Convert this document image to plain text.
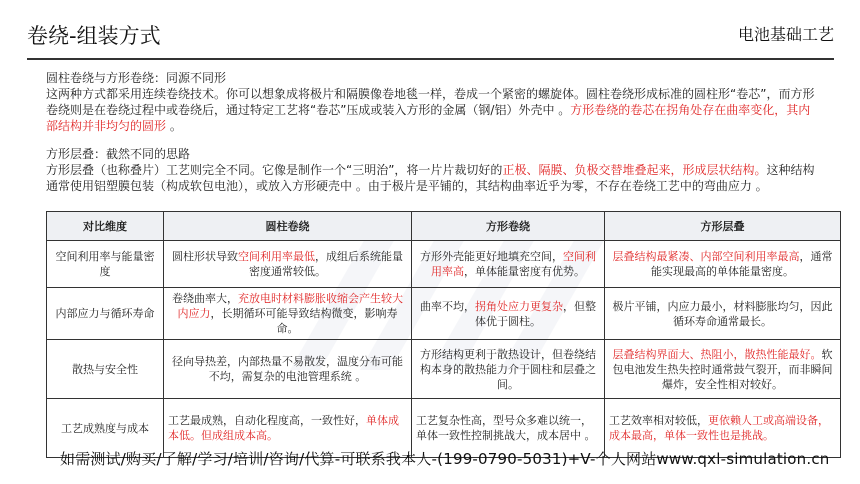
卷绕-组装方式	电池基础工艺

圆柱卷绕与方形卷绕：同源不同形

这两种方式都采用连续卷绕技术。你可以想象成将极片和隔膜像卷地毯一样，卷成一个紧密的螺旋体。圆柱卷绕形成标准的圆柱形“卷芯”，而方形卷绕则是在卷绕过程中或卷绕后，通过特定工艺将“卷芯”压成或装入方形的金属（钢/铝）外壳中 。方形卷绕的卷芯在拐角处存在曲率变化，其内部结构并非均匀的圆形 。

方形层叠：截然不同的思路

方形层叠（也称叠片）工艺则完全不同。它像是制作一个“三明治”，将一片片裁切好的正极、隔膜、负极交替堆叠起来，形成层状结构。这种结构通常使用铝塑膜包装（构成软包电池），或放入方形硬壳中 。由于极片是平铺的，其结构曲率近乎为零，不存在卷绕工艺中的弯曲应力 。

对比维度	圆柱卷绕	方形卷绕	方形层叠
空间利用率与能量密度	圆柱形状导致空间利用率最低，成组后系统能量密度通常较低。	方形外壳能更好地填充空间，空间利用率高，单体能量密度有优势。	层叠结构最紧凑、内部空间利用率最高，通常能实现最高的单体能量密度。
内部应力与循环寿命	卷绕曲率大，充放电时材料膨胀收缩会产生较大内应力，长期循环可能导致结构微变，影响寿命。	曲率不均，拐角处应力更复杂，但整体优于圆柱。	极片平铺，内应力最小，材料膨胀均匀，因此循环寿命通常最长。
散热与安全性	径向导热差，内部热量不易散发，温度分布可能不均，需复杂的电池管理系统 。	方形结构更利于散热设计，但卷绕结构本身的散热能力介于圆柱和层叠之间。	层叠结构界面大、热阻小，散热性能最好。软包电池发生热失控时通常鼓气裂开，而非瞬间爆炸，安全性相对较好。
工艺成熟度与成本	工艺最成熟，自动化程度高，一致性好，单体成本低。但成组成本高。	工艺复杂性高，型号众多难以统一，单体一致性控制挑战大，成本居中 。	工艺效率相对较低，更依赖人工或高端设备，成本最高，单体一致性也是挑战。
如需测试/购买/了解/学习/培训/咨询/代算-可联系我本人-(199-0790-5031)+V-个人网站www.qxl-simulation.cn
